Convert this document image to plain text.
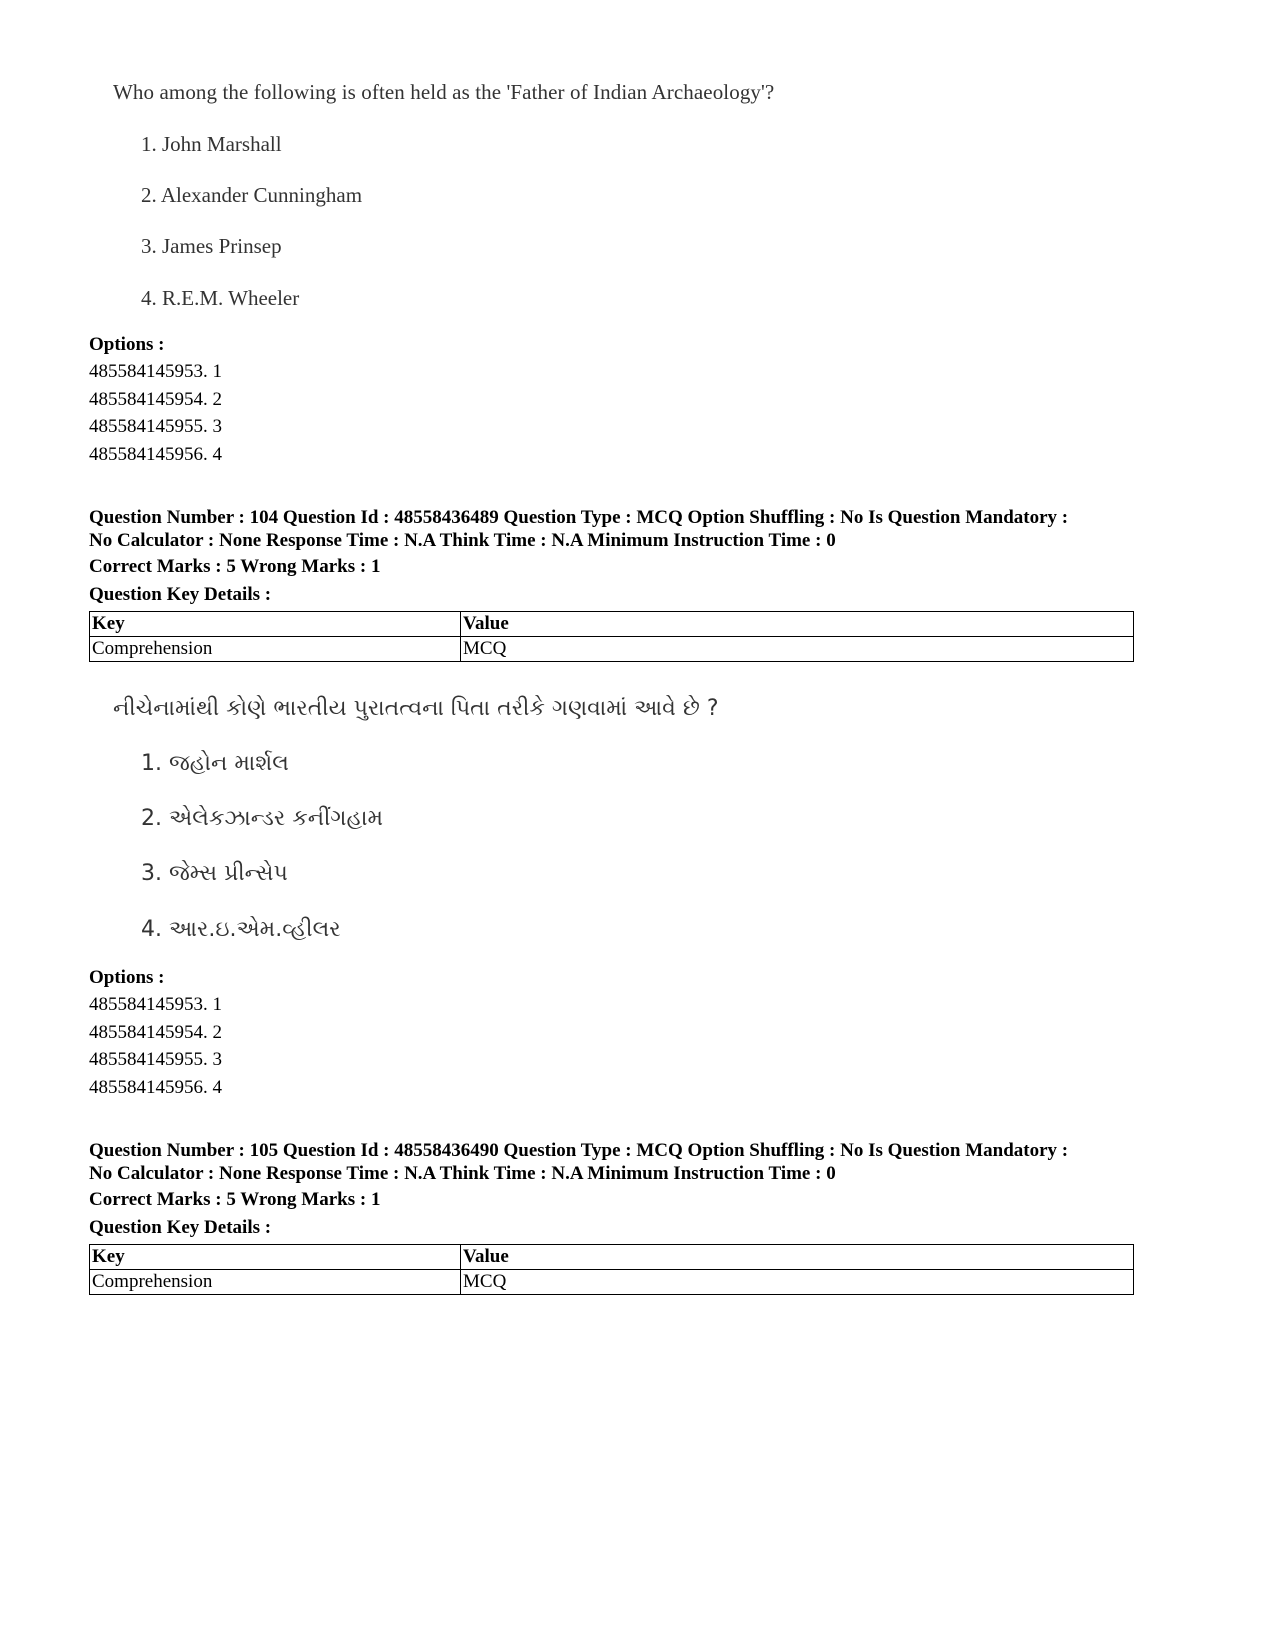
Who among the following is often held as the 'Father of Indian Archaeology'?
1. John Marshall
2. Alexander Cunningham
3. James Prinsep
4. R.E.M. Wheeler
Options :
485584145953. 1
485584145954. 2
485584145955. 3
485584145956. 4
Question Number : 104 Question Id : 48558436489 Question Type : MCQ Option Shuffling : No Is Question Mandatory :
No Calculator : None Response Time : N.A Think Time : N.A Minimum Instruction Time : 0
Correct Marks : 5 Wrong Marks : 1
Question Key Details :
Key	Value
Comprehension	MCQ
નીચેનામાંથી કોણે ભારતીય પુરાતત્વના પિતા તરીકે ગણવામાં આવે છે ?
1. જહોન માર્શલ
2. એલેકઝાન્ડર કનીંગહામ
3. જેમ્સ પ્રીન્સેપ
4. આર.ઇ.એમ.વ્હીલર
Options :
485584145953. 1
485584145954. 2
485584145955. 3
485584145956. 4
Question Number : 105 Question Id : 48558436490 Question Type : MCQ Option Shuffling : No Is Question Mandatory :
No Calculator : None Response Time : N.A Think Time : N.A Minimum Instruction Time : 0
Correct Marks : 5 Wrong Marks : 1
Question Key Details :
Key	Value
Comprehension	MCQ
